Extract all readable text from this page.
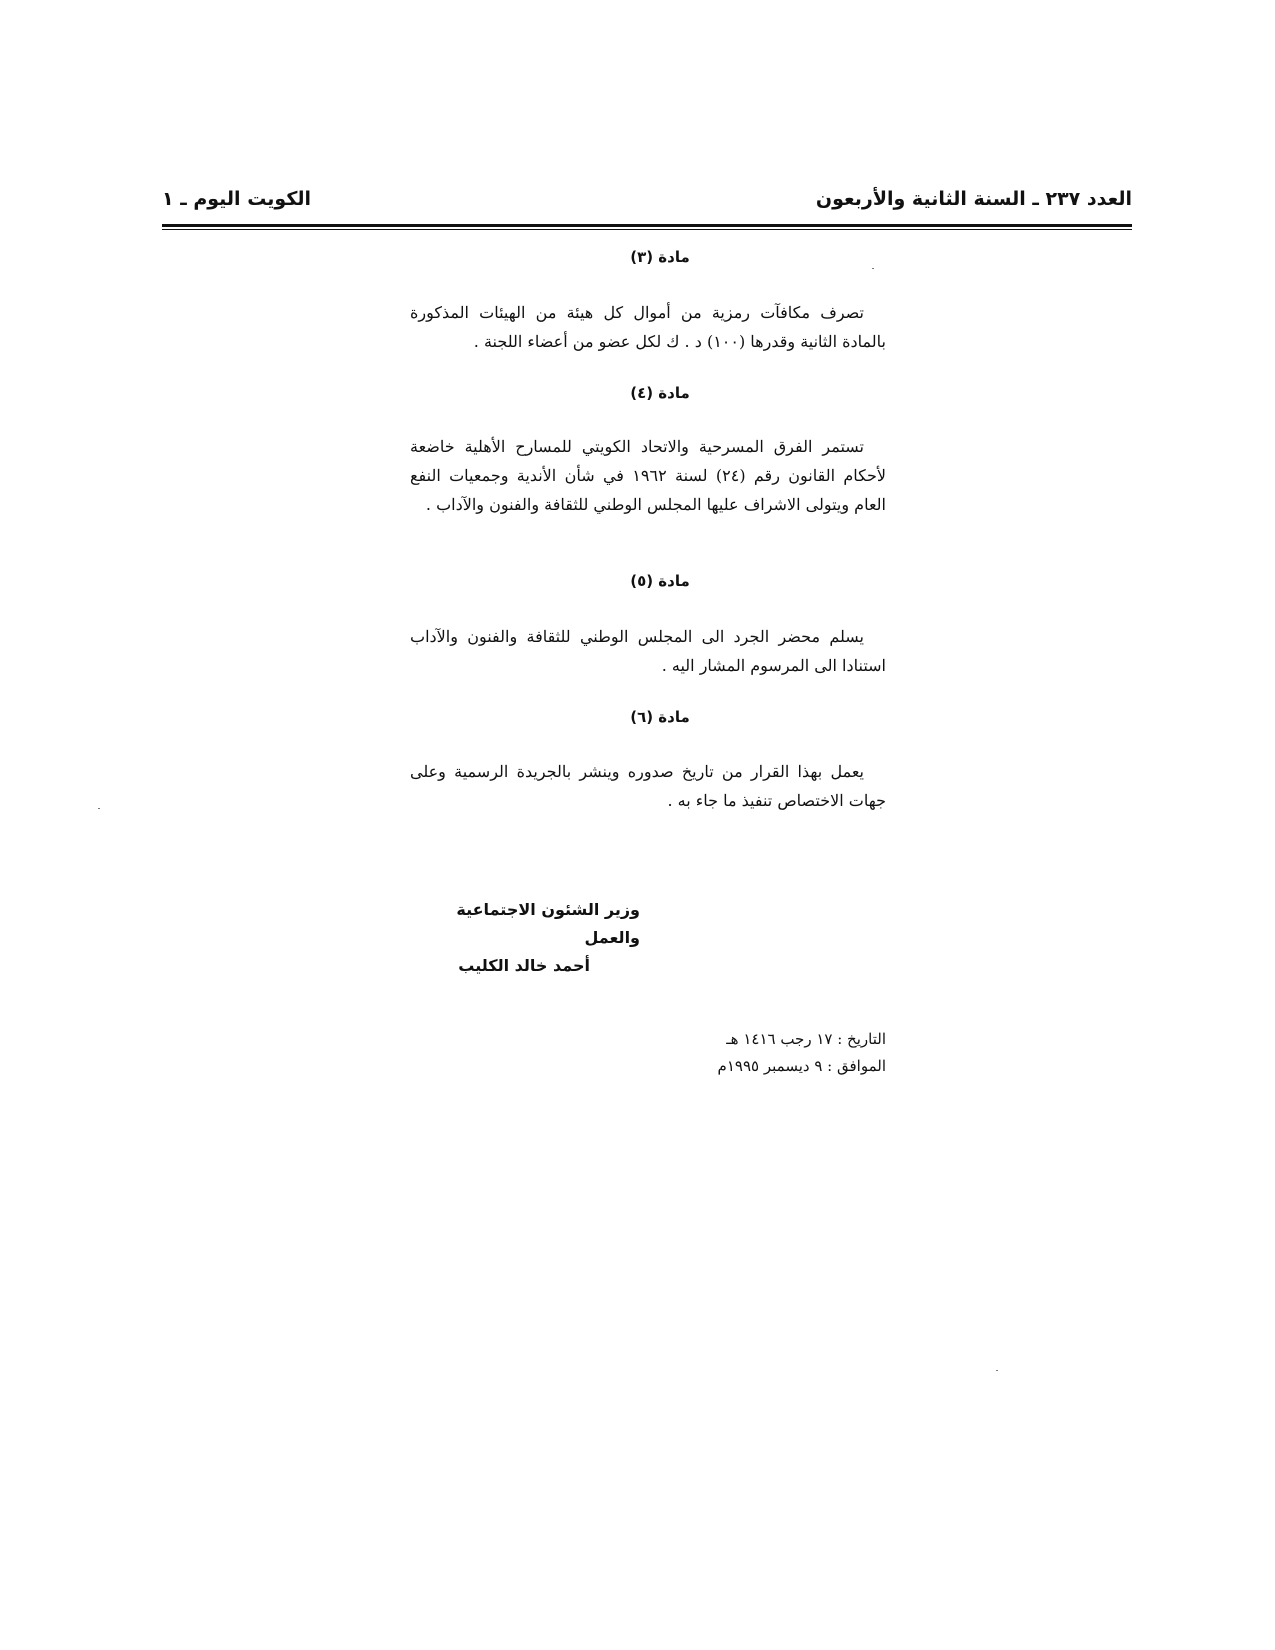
العدد ٢٣٧ ـ السنة الثانية والأربعون
الكويت اليوم ـ ١
مادة (٣)
تصرف مكافآت رمزية من أموال كل هيئة من الهيئات المذكورة بالمادة الثانية وقدرها (١٠٠) د . ك لكل عضو من أعضاء اللجنة .
مادة (٤)
تستمر الفرق المسرحية والاتحاد الكويتي للمسارح الأهلية خاضعة لأحكام القانون رقم (٢٤) لسنة ١٩٦٢ في شأن الأندية وجمعيات النفع العام ويتولى الاشراف عليها المجلس الوطني للثقافة والفنون والآداب .
مادة (٥)
يسلم محضر الجرد الى المجلس الوطني للثقافة والفنون والآداب استنادا الى المرسوم المشار اليه .
مادة (٦)
يعمل بهذا القرار من تاريخ صدوره وينشر بالجريدة الرسمية وعلى جهات الاختصاص تنفيذ ما جاء به .
وزير الشئون الاجتماعية والعمل
أحمد خالد الكليب
التاريخ : ١٧ رجب ١٤١٦ هـ
الموافق : ٩ ديسمبر ١٩٩٥م
